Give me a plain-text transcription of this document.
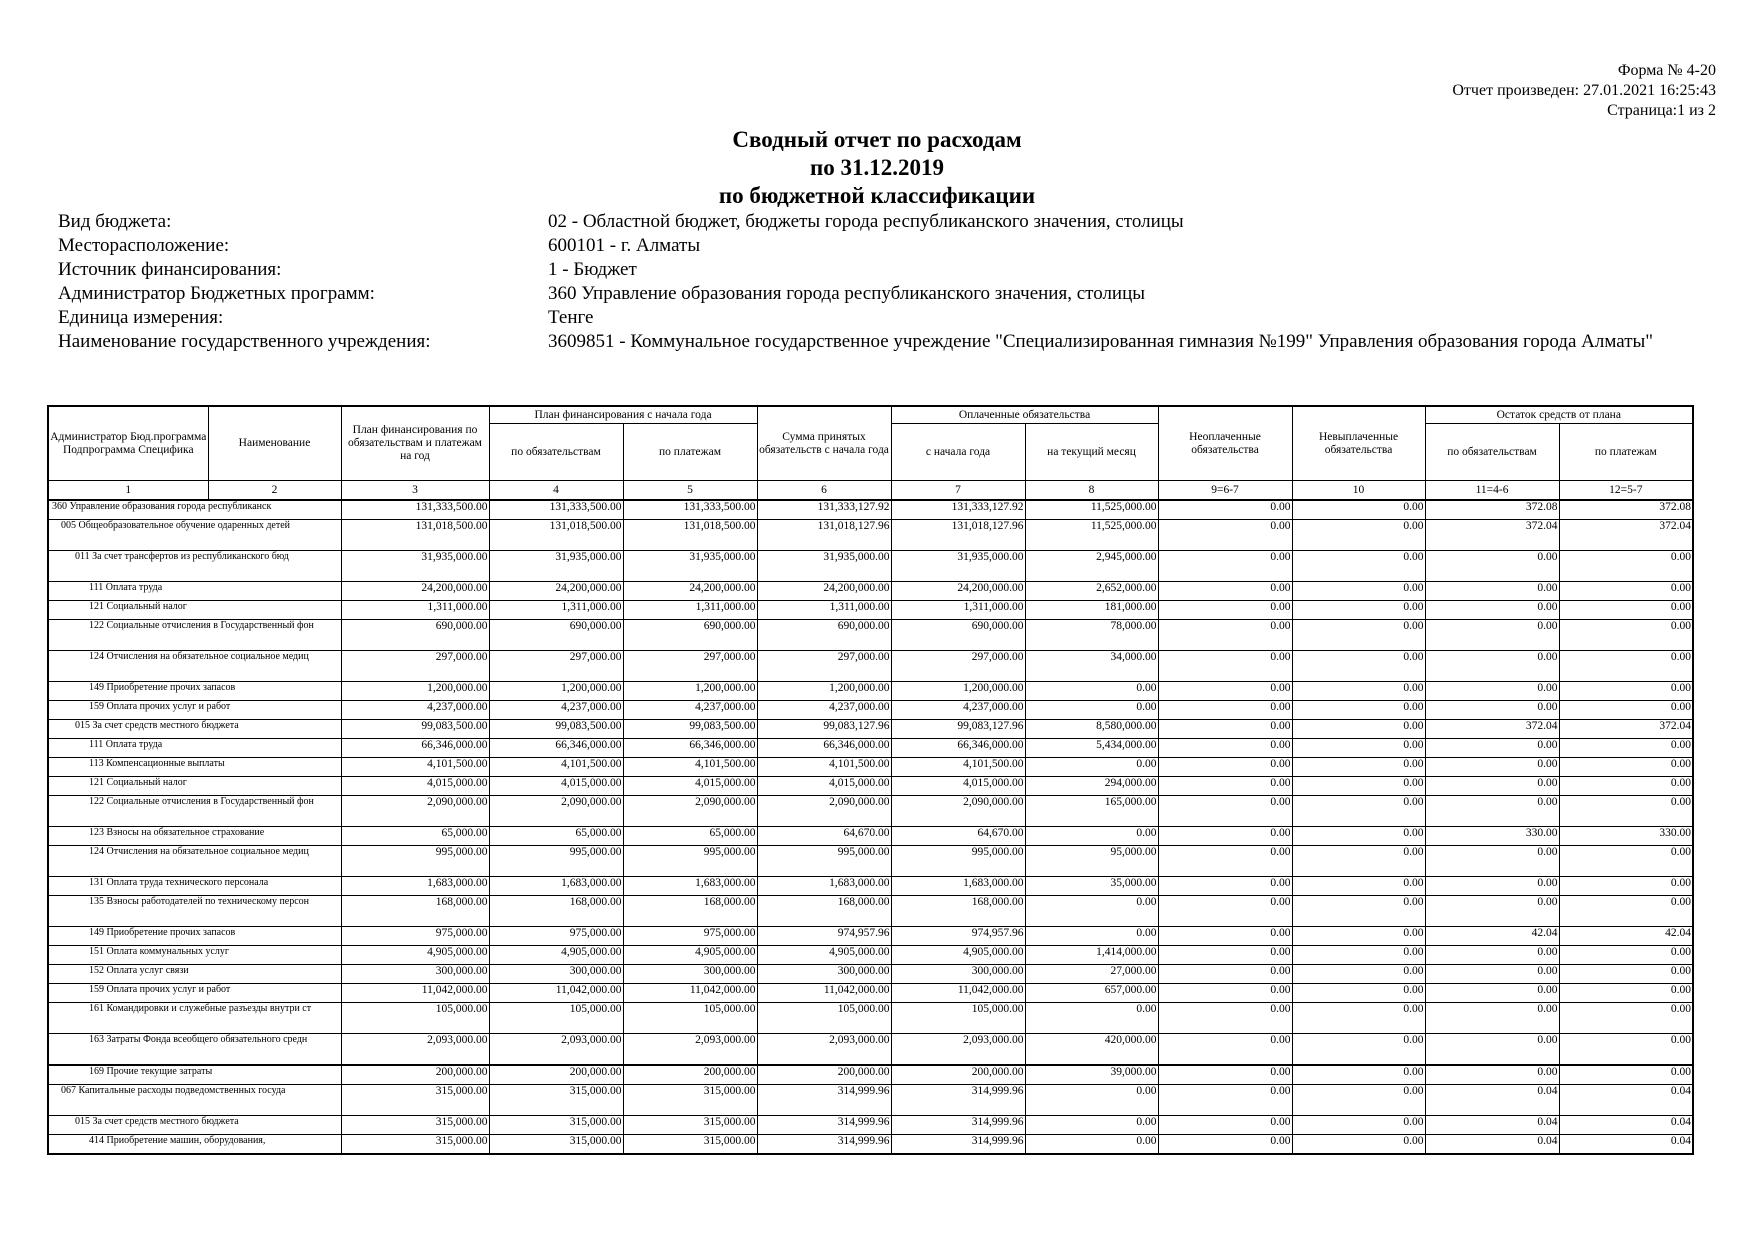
Форма № 4-20
Отчет произведен: 27.01.2021 16:25:43
Страница:1 из 2
Сводный отчет по расходам
по 31.12.2019
по бюджетной классификации
Вид бюджета:	02 - Областной бюджет, бюджеты города республиканского значения, столицы
Месторасположение:	600101 - г. Алматы
Источник финансирования:	1 - Бюджет
Администратор Бюджетных программ:	360 Управление образования города республиканского значения, столицы
Единица измерения:	Тенге
Наименование государственного учреждения:	3609851 - Коммунальное государственное учреждение "Специализированная гимназия №199" Управления образования города Алматы"
Администратор Бюд.программа Подпрограмма Специфика	Наименование	План финансирования по обязательствам и платежам на год	План финансирования с начала года		Сумма принятых обязательств с начала года	Оплаченные обязательства		Неоплаченные обязательства	Невыплаченные обязательства	Остаток средств от плана	
			по обязательствам	по платежам		с начала года	на текущий месяц			по обязательствам	по платежам
1	2	3	4	5	6	7	8	9=6-7	10	11=4-6	12=5-7
360 Управление образования города республиканск		131,333,500.00	131,333,500.00	131,333,500.00	131,333,127.92	131,333,127.92	11,525,000.00	0.00	0.00	372.08	372.08
005 Общеобразовательное обучение одаренных детей		131,018,500.00	131,018,500.00	131,018,500.00	131,018,127.96	131,018,127.96	11,525,000.00	0.00	0.00	372.04	372.04
011 За счет трансфертов из республиканского бюд		31,935,000.00	31,935,000.00	31,935,000.00	31,935,000.00	31,935,000.00	2,945,000.00	0.00	0.00	0.00	0.00
111 Оплата труда		24,200,000.00	24,200,000.00	24,200,000.00	24,200,000.00	24,200,000.00	2,652,000.00	0.00	0.00	0.00	0.00
121 Социальный налог		1,311,000.00	1,311,000.00	1,311,000.00	1,311,000.00	1,311,000.00	181,000.00	0.00	0.00	0.00	0.00
122 Социальные отчисления в Государственный фон		690,000.00	690,000.00	690,000.00	690,000.00	690,000.00	78,000.00	0.00	0.00	0.00	0.00
124 Отчисления на обязательное социальное медиц		297,000.00	297,000.00	297,000.00	297,000.00	297,000.00	34,000.00	0.00	0.00	0.00	0.00
149 Приобретение прочих запасов		1,200,000.00	1,200,000.00	1,200,000.00	1,200,000.00	1,200,000.00	0.00	0.00	0.00	0.00	0.00
159 Оплата прочих услуг и работ		4,237,000.00	4,237,000.00	4,237,000.00	4,237,000.00	4,237,000.00	0.00	0.00	0.00	0.00	0.00
015 За счет средств местного бюджета		99,083,500.00	99,083,500.00	99,083,500.00	99,083,127.96	99,083,127.96	8,580,000.00	0.00	0.00	372.04	372.04
111 Оплата труда		66,346,000.00	66,346,000.00	66,346,000.00	66,346,000.00	66,346,000.00	5,434,000.00	0.00	0.00	0.00	0.00
113 Компенсационные выплаты		4,101,500.00	4,101,500.00	4,101,500.00	4,101,500.00	4,101,500.00	0.00	0.00	0.00	0.00	0.00
121 Социальный налог		4,015,000.00	4,015,000.00	4,015,000.00	4,015,000.00	4,015,000.00	294,000.00	0.00	0.00	0.00	0.00
122 Социальные отчисления в Государственный фон		2,090,000.00	2,090,000.00	2,090,000.00	2,090,000.00	2,090,000.00	165,000.00	0.00	0.00	0.00	0.00
123 Взносы на обязательное страхование		65,000.00	65,000.00	65,000.00	64,670.00	64,670.00	0.00	0.00	0.00	330.00	330.00
124 Отчисления на обязательное социальное медиц		995,000.00	995,000.00	995,000.00	995,000.00	995,000.00	95,000.00	0.00	0.00	0.00	0.00
131 Оплата труда технического персонала		1,683,000.00	1,683,000.00	1,683,000.00	1,683,000.00	1,683,000.00	35,000.00	0.00	0.00	0.00	0.00
135 Взносы работодателей по техническому персон		168,000.00	168,000.00	168,000.00	168,000.00	168,000.00	0.00	0.00	0.00	0.00	0.00
149 Приобретение прочих запасов		975,000.00	975,000.00	975,000.00	974,957.96	974,957.96	0.00	0.00	0.00	42.04	42.04
151 Оплата коммунальных услуг		4,905,000.00	4,905,000.00	4,905,000.00	4,905,000.00	4,905,000.00	1,414,000.00	0.00	0.00	0.00	0.00
152 Оплата услуг связи		300,000.00	300,000.00	300,000.00	300,000.00	300,000.00	27,000.00	0.00	0.00	0.00	0.00
159 Оплата прочих услуг и работ		11,042,000.00	11,042,000.00	11,042,000.00	11,042,000.00	11,042,000.00	657,000.00	0.00	0.00	0.00	0.00
161 Командировки и служебные разъезды внутри ст		105,000.00	105,000.00	105,000.00	105,000.00	105,000.00	0.00	0.00	0.00	0.00	0.00
163 Затраты Фонда всеобщего обязательного средн		2,093,000.00	2,093,000.00	2,093,000.00	2,093,000.00	2,093,000.00	420,000.00	0.00	0.00	0.00	0.00
169 Прочие текущие затраты		200,000.00	200,000.00	200,000.00	200,000.00	200,000.00	39,000.00	0.00	0.00	0.00	0.00
067 Капитальные расходы подведомственных госуда		315,000.00	315,000.00	315,000.00	314,999.96	314,999.96	0.00	0.00	0.00	0.04	0.04
015 За счет средств местного бюджета		315,000.00	315,000.00	315,000.00	314,999.96	314,999.96	0.00	0.00	0.00	0.04	0.04
414 Приобретение машин, оборудования,		315,000.00	315,000.00	315,000.00	314,999.96	314,999.96	0.00	0.00	0.00	0.04	0.04
